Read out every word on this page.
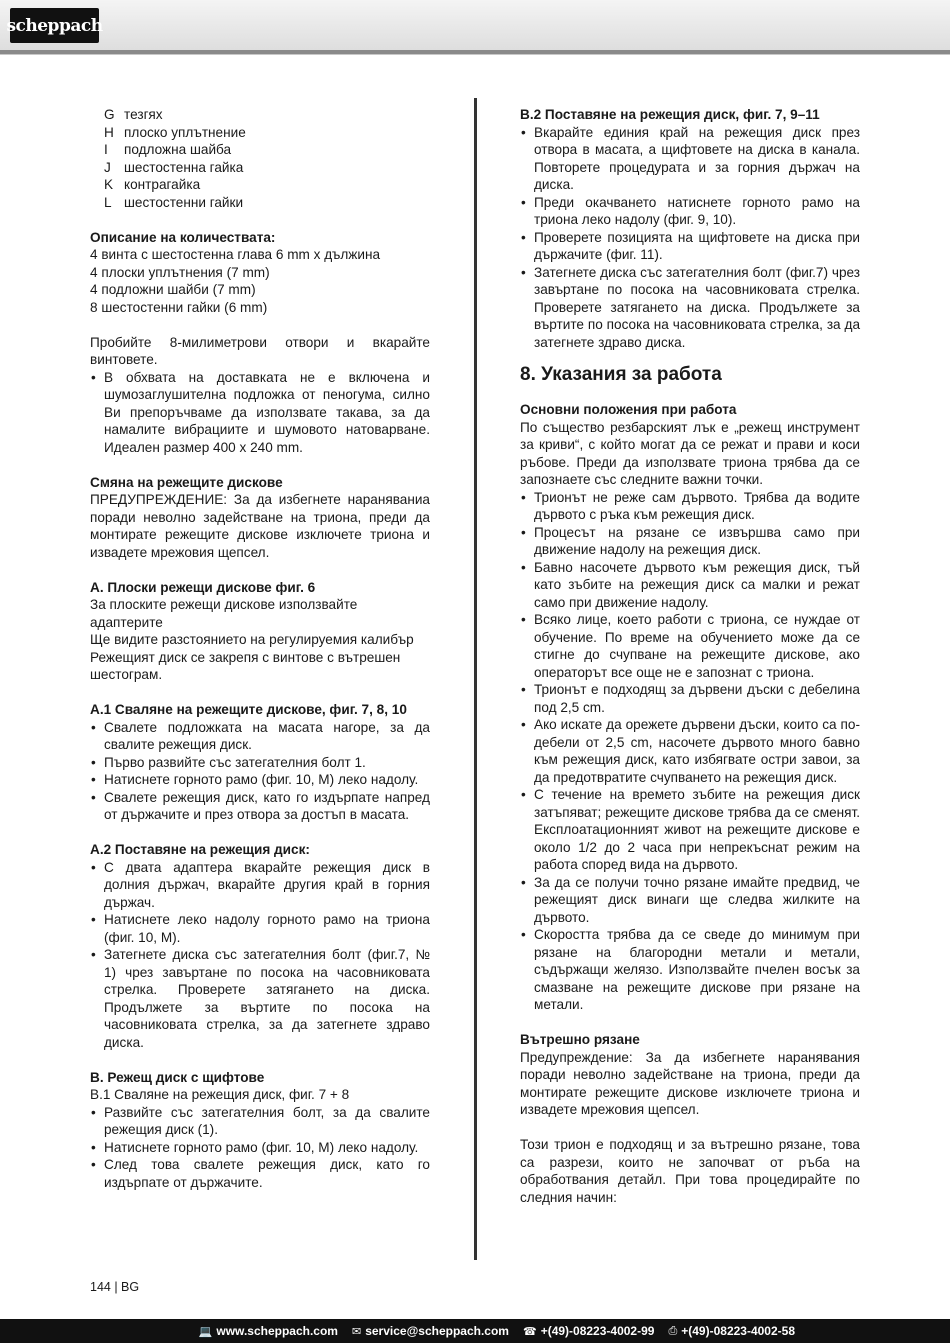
scheppach
G тезгях
H плоско уплътнение
I	подложна шайба
J шестостенна гайка
K контрагайка
L шестостенни гайки
Описание на количествата:
4 винта с шестостенна глава 6 mm x дължина
4 плоски уплътнения (7 mm)
4 подложни шайби (7 mm)
8 шестостенни гайки (6 mm)
Пробийте 8-милиметрови отвори и вкарайте винтовете.
• В обхвата на доставката не е включена и шумозаглушителна подложка от пеногума, силно Ви препоръчваме да използвате такава, за да намалите вибрациите и шумовото натоварване. Идеален размер 400 x 240 mm.
Смяна на режещите дискове
ПРЕДУПРЕЖДЕНИЕ: За да избегнете нараняваниа поради неволно задействане на триона, преди да монтирате режещите дискове изключете триона и извадете мрежовия щепсел.
A. Плоски режещи дискове фиг. 6
За плоските режещи дискове използвайте адаптерите
Ще видите разстоянието на регулируемия калибър
Режещият диск се закрепя с винтове с вътрешен шестограм.
A.1 Сваляне на режещите дискове, фиг. 7, 8, 10
• Свалете подложката на масата нагоре, за да свалите режещия диск.
• Първо развийте със затегателния болт 1.
• Натиснете горното рамо (фиг. 10, M) леко надолу.
• Свалете режещия диск, като го издърпате напред от държачите и през отвора за достъп в масата.
A.2 Поставяне на режещия диск:
• С двата адаптера вкарайте режещия диск в долния държач, вкарайте другия край в горния държач.
• Натиснете леко надолу горното рамо на триона (фиг. 10, M).
• Затегнете диска със затегателния болт (фиг.7, № 1) чрез завъртане по посока на часовниковата стрелка. Проверете затягането на диска. Продължете за въртите по посока на часовниковата стрелка, за да затегнете здраво диска.
B. Режещ диск с щифтове
B.1 Сваляне на режещия диск, фиг. 7 + 8
• Развийте със затегателния болт, за да свалите режещия диск (1).
• Натиснете горното рамо (фиг. 10, M) леко надолу.
• След това свалете режещия диск, като го издърпате от държачите.
B.2 Поставяне на режещия диск, фиг. 7, 9–11
• Вкарайте единия край на режещия диск през отвора в масата, а щифтовете на диска в канала. Повторете процедурата и за горния държач на диска.
• Преди окачването натиснете горното рамо на триона леко надолу (фиг. 9, 10).
• Проверете позицията на щифтовете на диска при държачите (фиг. 11).
• Затегнете диска със затегателния болт (фиг.7) чрез завъртане по посока на часовниковата стрелка. Проверете затягането на диска. Продължете за въртите по посока на часовниковата стрелка, за да затегнете здраво диска.
8. Указания за работа
Основни положения при работа
По същество резбарският лък е „режещ инструмент за криви“, с който могат да се режат и прави и коси ръбове. Преди да използвате триона трябва да се запознаете със следните важни точки.
• Трионът не реже сам дървото. Трябва да водите дървото с ръка към режещия диск.
• Процесът на рязане се извършва само при движение надолу на режещия диск.
• Бавно насочете дървото към режещия диск, тъй като зъбите на режещия диск са малки и режат само при движение надолу.
• Всяко лице, което работи с триона, се нуждае от обучение. По време на обучението може да се стигне до счупване на режещите дискове, ако операторът все още не е запознат с триона.
• Трионът е подходящ за дървени дъски с дебелина под 2,5 cm.
• Ако искате да орежете дървени дъски, които са по-дебели от 2,5 cm, насочете дървото много бавно към режещия диск, като избягвате остри завои, за да предотвратите счупването на режещия диск.
• С течение на времето зъбите на режещия диск затъпяват; режещите дискове трябва да се сменят. Експлоатационният живот на режещите дискове е около 1/2 до 2 часа при непрекъснат режим на работа според вида на дървото.
• За да се получи точно рязане имайте предвид, че режещият диск винаги ще следва жилките на дървото.
• Скоростта трябва да се сведе до минимум при рязане на благородни метали и метали, съдържащи желязо. Използвайте пчелен восък за смазване на режещите дискове при рязане на метали.
Вътрешно рязане
Предупреждение: За да избегнете наранявания поради неволно задействане на триона, преди да монтирате режещите дискове изключете триона и извадете мрежовия щепсел.
Този трион е подходящ и за вътрешно рязане, това са разрези, които не започват от ръба на обработвания детайл. При това процедирайте по следния начин:
144 | BG
💻 www.scheppach.com ✉ service@scheppach.com ☎ +(49)-08223-4002-99 ⎙ +(49)-08223-4002-58
